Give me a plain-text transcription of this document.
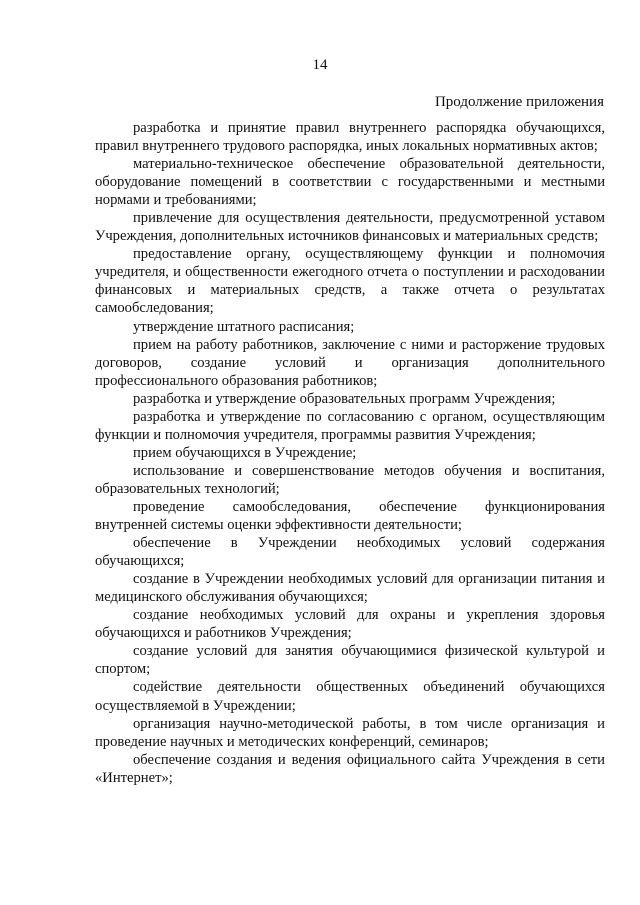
14
Продолжение приложения

разработка и принятие правил внутреннего распорядка обучающихся, правил внутреннего трудового распорядка, иных локальных нормативных актов;

материально-техническое обеспечение образовательной деятельности, оборудование помещений в соответствии с государственными и местными нормами и требованиями;

привлечение для осуществления деятельности, предусмотренной уставом Учреждения, дополнительных источников финансовых и материальных средств;

предоставление органу, осуществляющему функции и полномочия учредителя, и общественности ежегодного отчета о поступлении и расходовании финансовых и материальных средств, а также отчета о результатах самообследования;

утверждение штатного расписания;

прием на работу работников, заключение с ними и расторжение трудовых договоров, создание условий и организация дополнительного профессионального образования работников;

разработка и утверждение образовательных программ Учреждения;

разработка и утверждение по согласованию с органом, осуществляющим функции и полномочия учредителя, программы развития Учреждения;

прием обучающихся в Учреждение;

использование и совершенствование методов обучения и воспитания, образовательных технологий;

проведение самообследования, обеспечение функционирования внутренней системы оценки эффективности деятельности;

обеспечение в Учреждении необходимых условий содержания обучающихся;

создание в Учреждении необходимых условий для организации питания и медицинского обслуживания обучающихся;

создание необходимых условий для охраны и укрепления здоровья обучающихся и работников Учреждения;

создание условий для занятия обучающимися физической культурой и спортом;

содействие деятельности общественных объединений обучающихся осуществляемой в Учреждении;

организация научно-методической работы, в том числе организация и проведение научных и методических конференций, семинаров;

обеспечение создания и ведения официального сайта Учреждения в сети «Интернет»;
